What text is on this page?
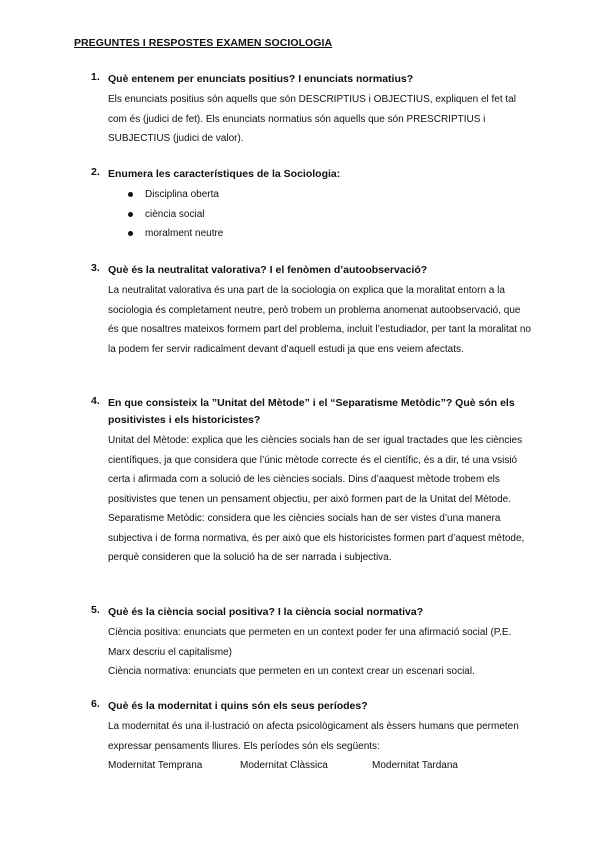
PREGUNTES I RESPOSTES EXAMEN SOCIOLOGIA
1. Què entenem per enunciats positius? I enunciats normatius?

Els enunciats positius són aquells que són DESCRIPTIUS i OBJECTIUS, expliquen el fet tal com és (judici de fet). Els enunciats normatius són aquells que són PRESCRIPTIUS i SUBJECTIUS (judici de valor).

2. Enumera les característiques de la Sociologia:
Disciplina oberta
ciència social
moralment neutre
3. Què és la neutralitat valorativa? I el fenòmen d’autoobservació?

La neutralitat valorativa és una part de la sociologia on explica que la moralitat entorn a la sociologia és completament neutre, però trobem un problema anomenat autoobservació, que és que nosaltres mateixos formem part del problema, incluit l’estudiador, per tant la moralitat no la podem fer servir radicalment devant d’aquell estudi ja que ens veiem afectats.

4. En que consisteix la ”Unitat del Mètode” i el “Separatisme Metòdic”? Què són els positivistes i els historicistes?

Unitat del Mètode: explica que les ciències socials han de ser igual tractades que les ciències científiques, ja que considera que l’únic mètode correcte és el científic, és a dir, té una vsisió certa i afirmada com a solució de les ciències socials. Dins d’aaquest mètode trobem els positivistes que tenen un pensament objectiu, per això formen part de la Unitat del Mètode.

Separatisme Metòdic: considera que les ciències socials han de ser vistes d’una manera subjectiva i de forma normativa, és per això que els historicistes formen part d’aquest mètode, perquè consideren que la solució ha de ser narrada i subjectiva.

5. Què és la ciència social positiva? I la ciència social normativa?

Ciència positiva: enunciats que permeten en un context poder fer una afirmació social (P.E. Marx descriu el capitalisme)

Ciència normativa: enunciats que permeten en un context crear un escenari social.

6. Què és la modernitat i quins són els seus períodes?

La modernitat és una il·lustració on afecta psicològicament als èssers humans que permeten expressar pensaments lliures. Els períodes són els següents:

Modernitat Temprana	Modernitat Clàssica	Modernitat Tardana
